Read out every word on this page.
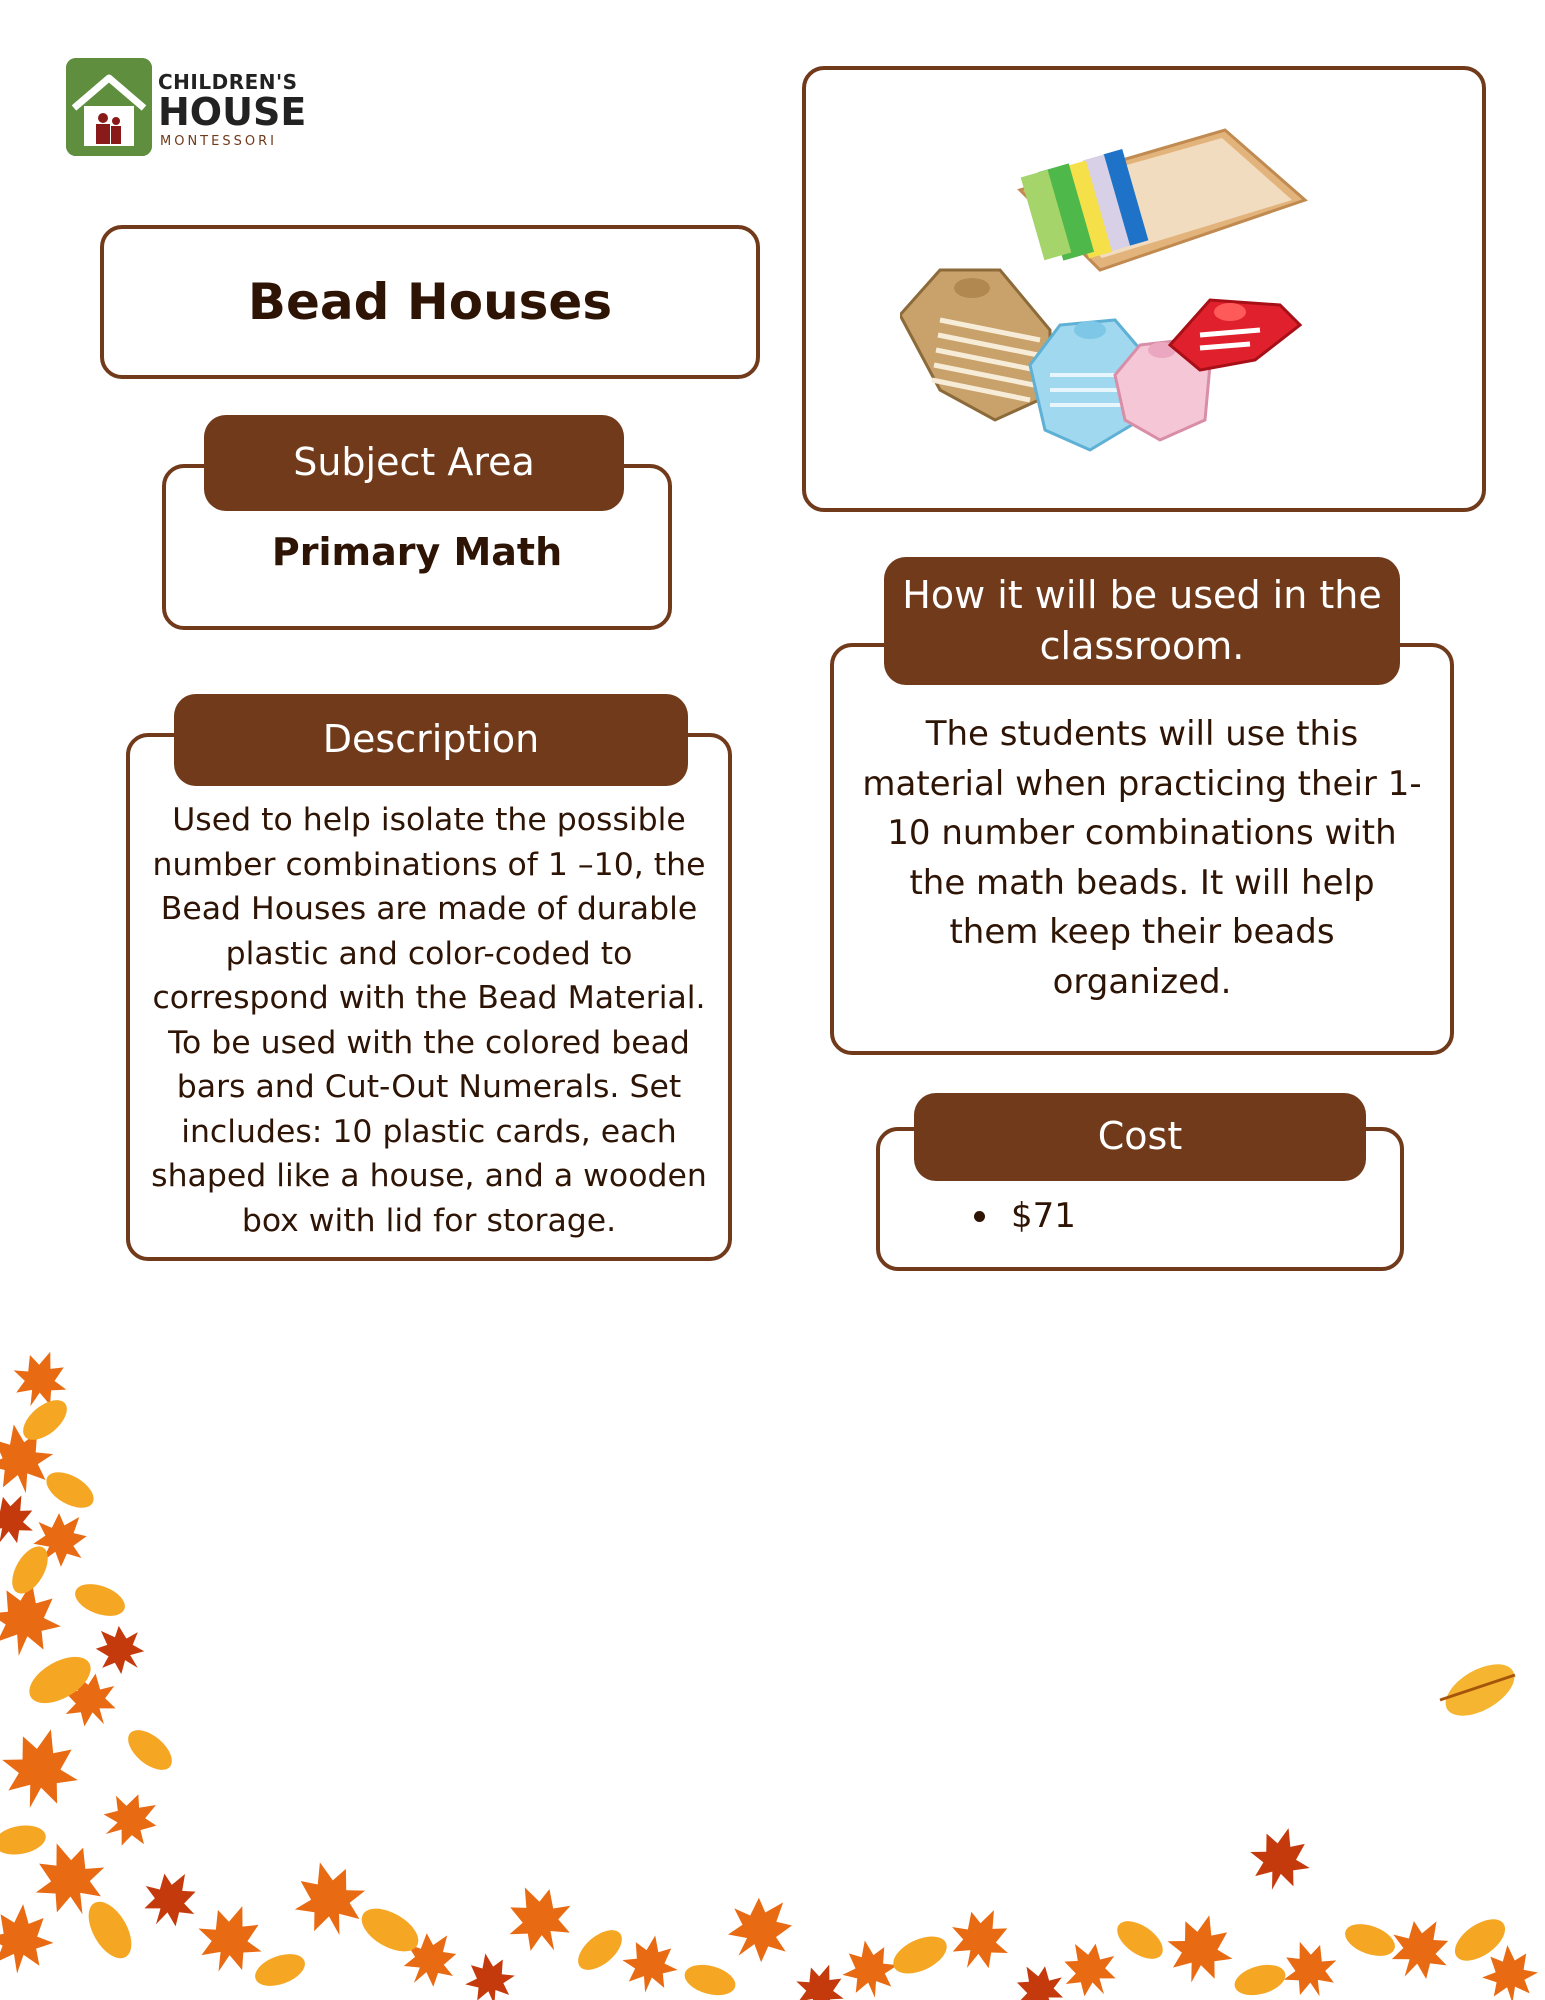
CHILDREN'S
HOUSE
MONTESSORI
Bead Houses
Subject Area
Primary Math
Description
Used to help isolate the possible number combinations of 1 –10, the Bead Houses are made of durable plastic and color-coded to correspond with the Bead Material. To be used with the colored bead bars and Cut-Out Numerals. Set includes: 10 plastic cards, each shaped like a house, and a wooden box with lid for storage.
How it will be used in the classroom.
The students will use this material when practicing their 1-10 number combinations with the math beads. It will help them keep their beads organized.
Cost
$71
